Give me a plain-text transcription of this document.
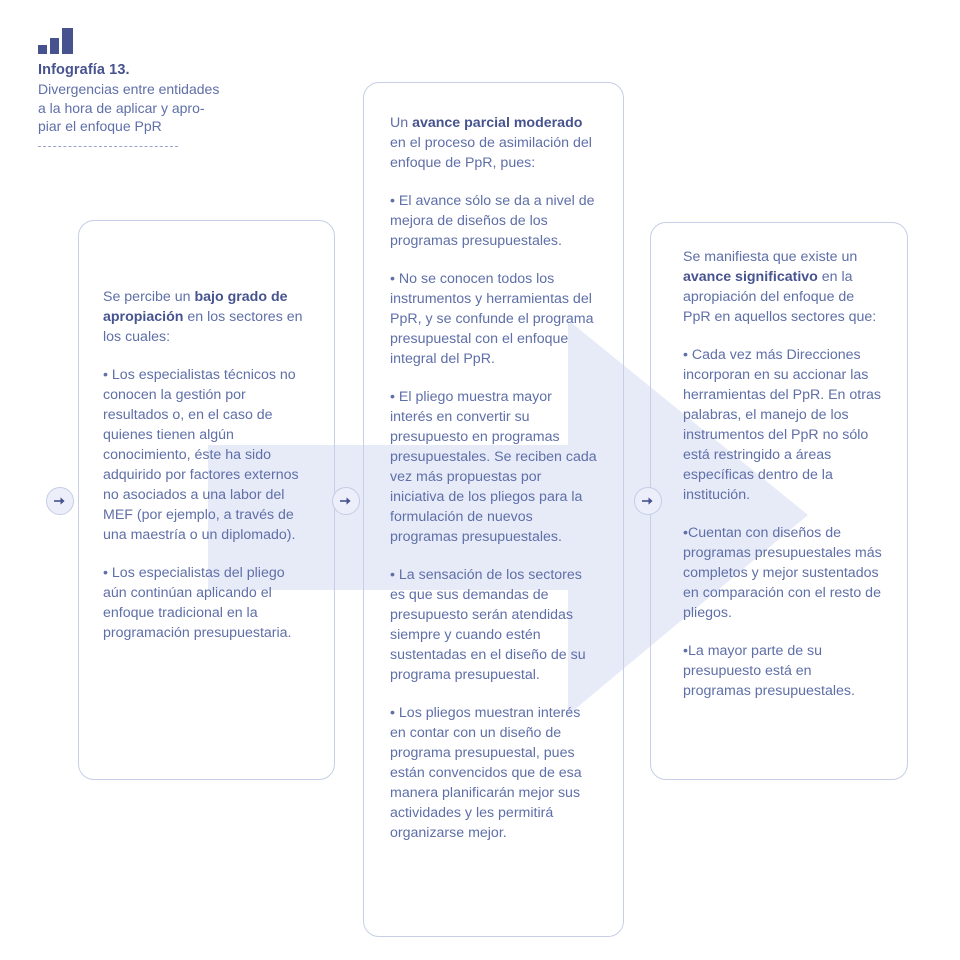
Infografía 13.
Divergencias entre entidades
a la hora de aplicar y apro-
piar el enfoque PpR

Se percibe un bajo grado de apropiación en los sectores en los cuales:

• Los especialistas técnicos no conocen la gestión por resultados o, en el caso de quienes tienen algún conocimiento, éste ha sido adquirido por factores externos no asociados a una labor del MEF (por ejemplo, a través de una maestría o un diplomado).

• Los especialistas del pliego aún continúan aplicando el enfoque tradicional en la programación presupuestaria.

Un avance parcial moderado en el proceso de asimilación del enfoque de PpR, pues:

• El avance sólo se da a nivel de mejora de diseños de los programas presupuestales.

• No se conocen todos los instrumentos y herramientas del PpR, y se confunde el programa presupuestal con el enfoque integral del PpR.

• El pliego muestra mayor interés en convertir su presupuesto en programas presupuestales. Se reciben cada vez más propuestas por iniciativa de los pliegos para la formulación de nuevos programas presupuestales.

• La sensación de los sectores es que sus demandas de presupuesto serán atendidas siempre y cuando estén sustentadas en el diseño de su programa presupuestal.

• Los pliegos muestran interés en contar con un diseño de programa presupuestal, pues están convencidos que de esa manera planificarán mejor sus actividades y les permitirá organizarse mejor.

Se manifiesta que existe un avance significativo en la apropiación del enfoque de PpR en aquellos sectores que:

• Cada vez más Direcciones incorporan en su accionar las herramientas del PpR. En otras palabras, el manejo de los instrumentos del PpR no sólo está restringido a áreas específicas dentro de la institución.

•Cuentan con diseños de programas presupuestales más completos y mejor sustentados en comparación con el resto de pliegos.

•La mayor parte de su presupuesto está en programas presupuestales.
